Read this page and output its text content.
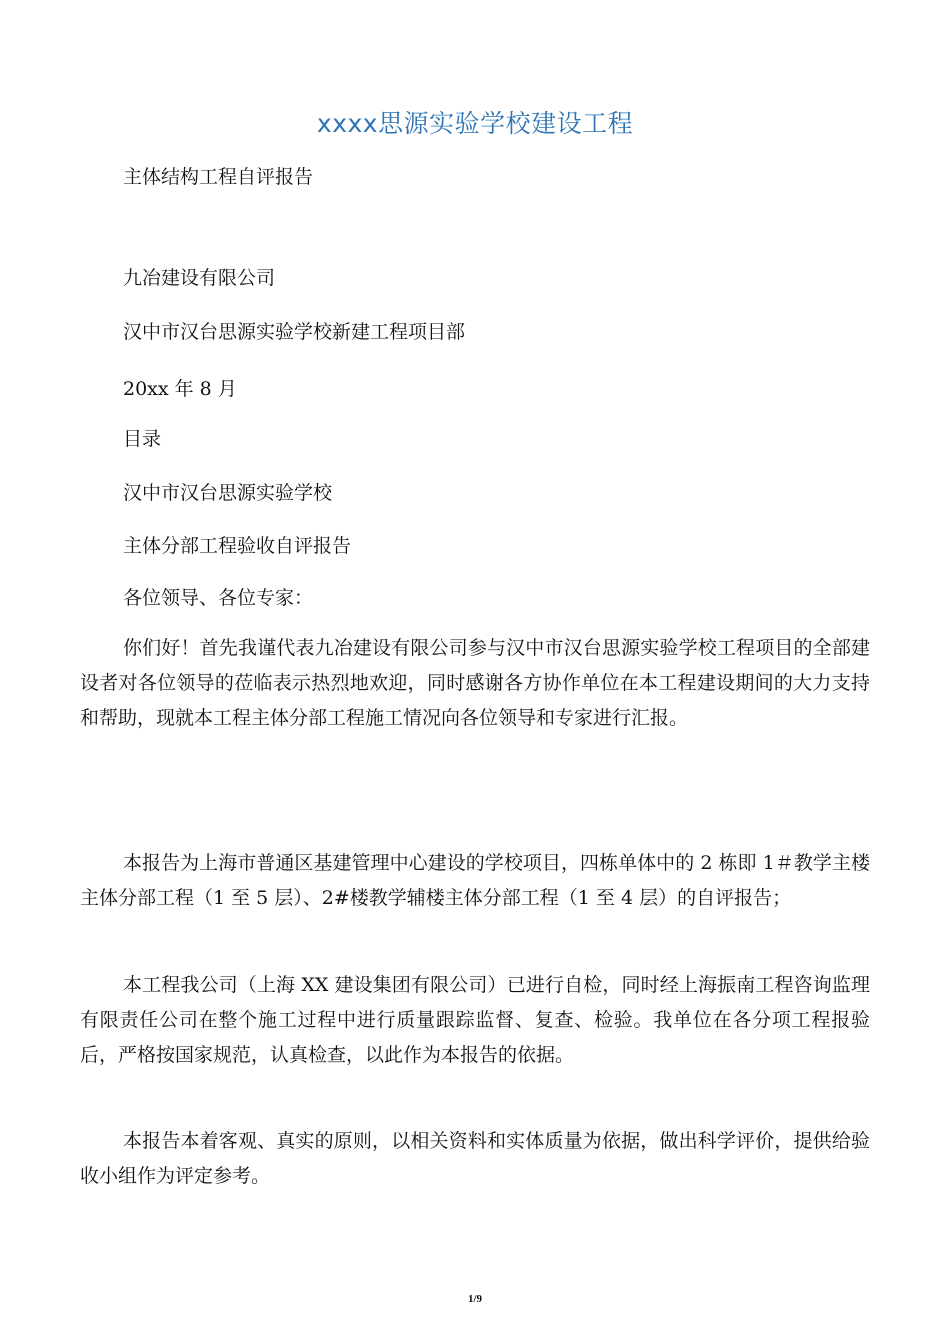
xxxx思源实验学校建设工程
主体结构工程自评报告
九冶建设有限公司
汉中市汉台思源实验学校新建工程项目部
20xx 年 8 月
目录
汉中市汉台思源实验学校
主体分部工程验收自评报告
各位领导、各位专家：

你们好！首先我谨代表九冶建设有限公司参与汉中市汉台思源实验学校工程项目的全部建设者对各位领导的莅临表示热烈地欢迎，同时感谢各方协作单位在本工程建设期间的大力支持和帮助，现就本工程主体分部工程施工情况向各位领导和专家进行汇报。

本报告为上海市普通区基建管理中心建设的学校项目，四栋单体中的 2 栋即 1＃教学主楼主体分部工程（1 至 5 层）、2#楼教学辅楼主体分部工程（1 至 4 层）的自评报告；

本工程我公司（上海 XX 建设集团有限公司）已进行自检，同时经上海振南工程咨询监理有限责任公司在整个施工过程中进行质量跟踪监督、复查、检验。我单位在各分项工程报验后，严格按国家规范，认真检查，以此作为本报告的依据。

本报告本着客观、真实的原则，以相关资料和实体质量为依据，做出科学评价，提供给验收小组作为评定参考。

1/9
